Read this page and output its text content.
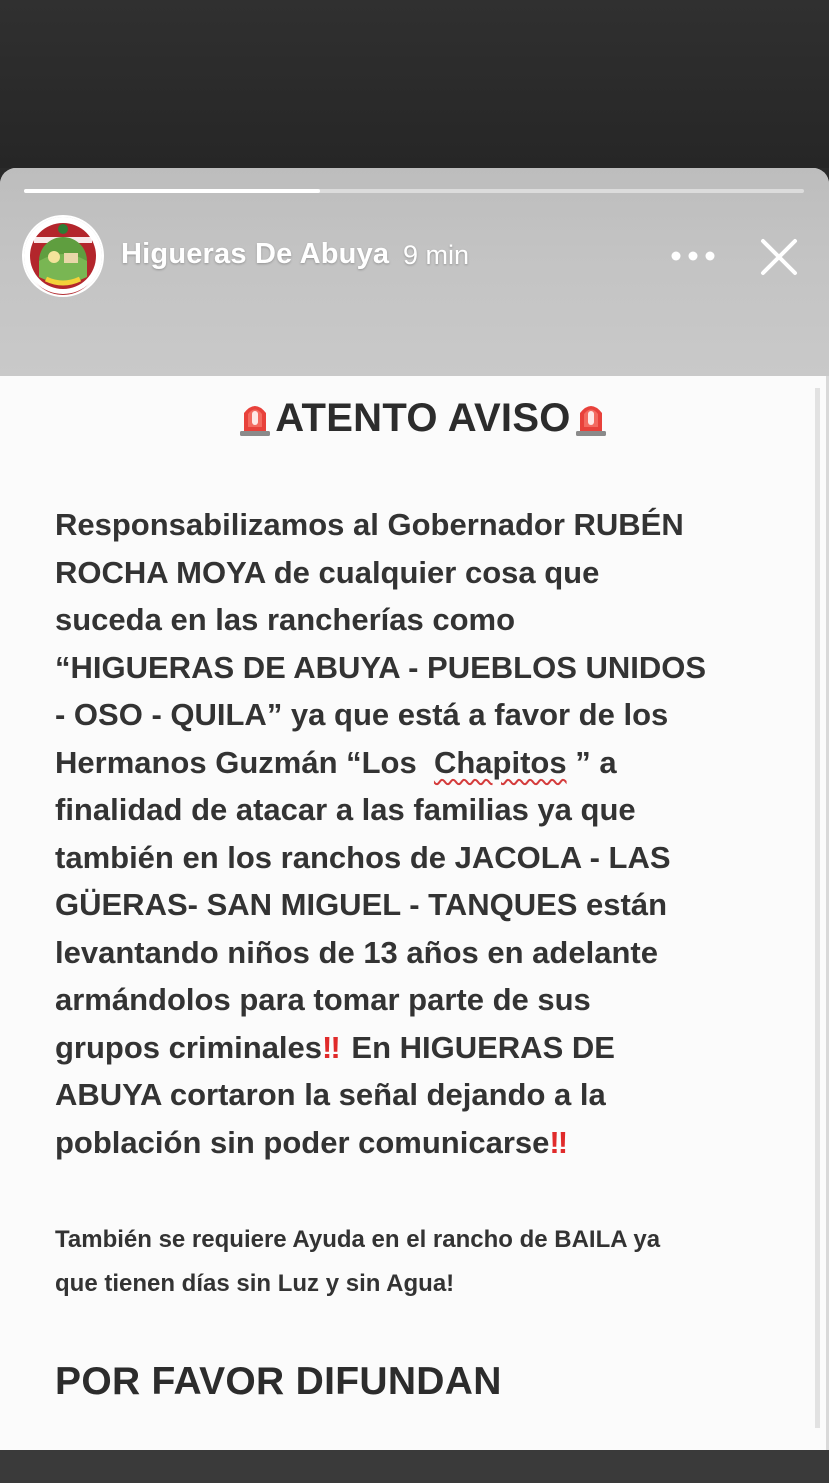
Higueras De Abuya 9 min
ATENTO AVISO
Responsabilizamos al Gobernador RUBÉN
ROCHA MOYA de cualquier cosa que
suceda en las rancherías como
“HIGUERAS DE ABUYA - PUEBLOS UNIDOS
- OSO - QUILA” ya que está a favor de los
Hermanos Guzmán “Los  Chapitos ” a
finalidad de atacar a las familias ya que
también en los ranchos de JACOLA - LAS
GÜERAS- SAN MIGUEL - TANQUES están
levantando niños de 13 años en adelante
armándolos para tomar parte de sus
grupos criminales‼ En HIGUERAS DE
ABUYA cortaron la señal dejando a la
población sin poder comunicarse‼
También se requiere Ayuda en el rancho de BAILA ya
que tienen días sin Luz y sin Agua!
POR FAVOR DIFUNDAN
